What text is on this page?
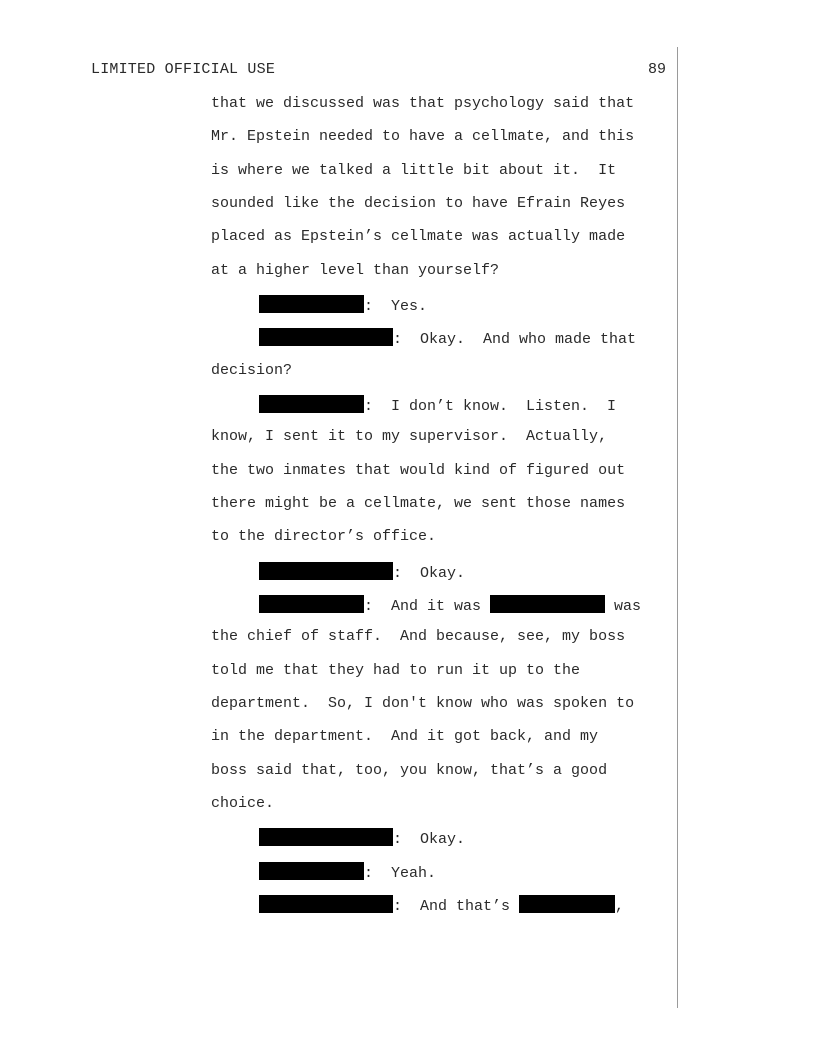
LIMITED OFFICIAL USE	89
that we discussed was that psychology said that
Mr. Epstein needed to have a cellmate, and this
is where we talked a little bit about it.  It
sounded like the decision to have Efrain Reyes
placed as Epstein’s cellmate was actually made
at a higher level than yourself?
:  Yes.
:  Okay.  And who made that
decision?
:  I don’t know.  Listen.  I
know, I sent it to my supervisor.  Actually,
the two inmates that would kind of figured out
there might be a cellmate, we sent those names
to the director’s office.
:  Okay.
:  And it was	was
the chief of staff.  And because, see, my boss
told me that they had to run it up to the
department.  So, I don't know who was spoken to
in the department.  And it got back, and my
boss said that, too, you know, that’s a good
choice.
:  Okay.
:  Yeah.
:  And that’s	,
